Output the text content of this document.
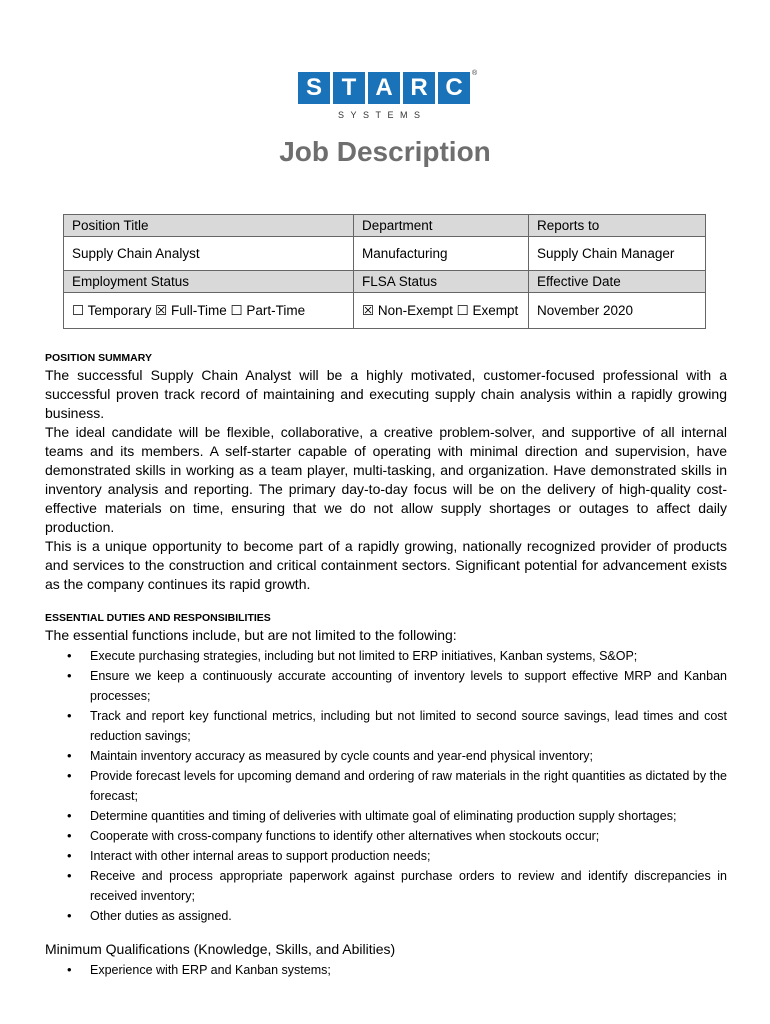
S T A R C
®
SYSTEMS
Job Description
Position Title	Department	Reports to
Supply Chain Analyst	Manufacturing	Supply Chain Manager
Employment Status	FLSA Status	Effective Date
☐ Temporary ☒ Full-Time ☐ Part-Time	☒ Non-Exempt ☐ Exempt	November 2020
POSITION SUMMARY

The successful Supply Chain Analyst will be a highly motivated, customer-focused professional with a successful proven track record of maintaining and executing supply chain analysis within a rapidly growing business.

The ideal candidate will be flexible, collaborative, a creative problem-solver, and supportive of all internal teams and its members. A self-starter capable of operating with minimal direction and supervision, have demonstrated skills in working as a team player, multi-tasking, and organization. Have demonstrated skills in inventory analysis and reporting. The primary day-to-day focus will be on the delivery of high-quality cost-effective materials on time, ensuring that we do not allow supply shortages or outages to affect daily production.

This is a unique opportunity to become part of a rapidly growing, nationally recognized provider of products and services to the construction and critical containment sectors. Significant potential for advancement exists as the company continues its rapid growth.

ESSENTIAL DUTIES AND RESPONSIBILITIES

The essential functions include, but are not limited to the following:

• Execute purchasing strategies, including but not limited to ERP initiatives, Kanban systems, S&OP;
• Ensure we keep a continuously accurate accounting of inventory levels to support effective MRP and Kanban processes;
• Track and report key functional metrics, including but not limited to second source savings, lead times and cost reduction savings;
• Maintain inventory accuracy as measured by cycle counts and year-end physical inventory;
• Provide forecast levels for upcoming demand and ordering of raw materials in the right quantities as dictated by the forecast;
• Determine quantities and timing of deliveries with ultimate goal of eliminating production supply shortages;
• Cooperate with cross-company functions to identify other alternatives when stockouts occur;
• Interact with other internal areas to support production needs;
• Receive and process appropriate paperwork against purchase orders to review and identify discrepancies in received inventory;
• Other duties as assigned.

Minimum Qualifications (Knowledge, Skills, and Abilities)

• Experience with ERP and Kanban systems;
